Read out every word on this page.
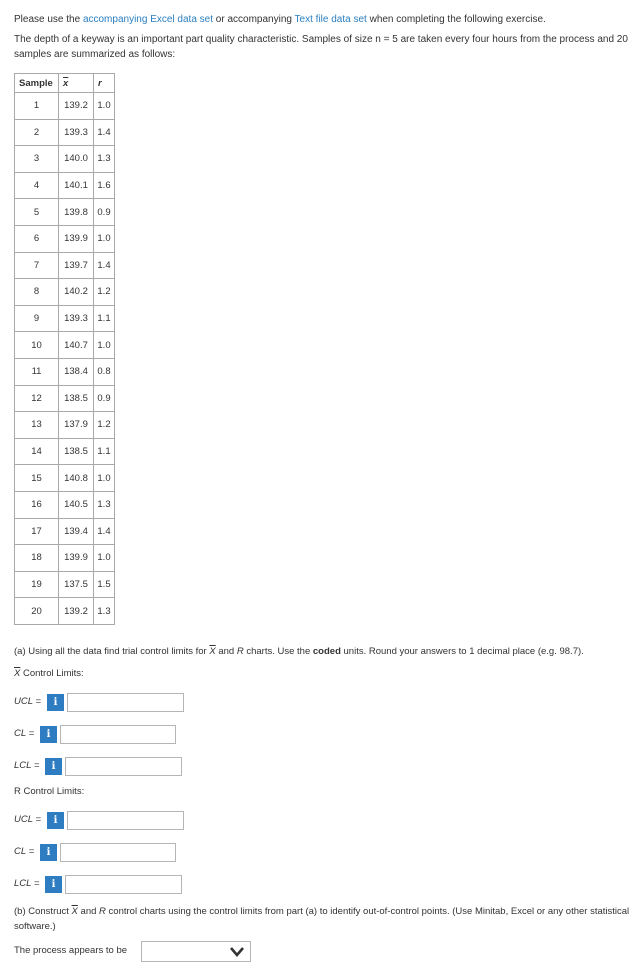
Please use the accompanying Excel data set or accompanying Text file data set when completing the following exercise.

The depth of a keyway is an important part quality characteristic. Samples of size n = 5 are taken every four hours from the process and 20 samples are summarized as follows:

Sample	$\overline{x}$	r
1	139.2	1.0
2	139.3	1.4
3	140.0	1.3
4	140.1	1.6
5	139.8	0.9
6	139.9	1.0
7	139.7	1.4
8	140.2	1.2
9	139.3	1.1
10	140.7	1.0
11	138.4	0.8
12	138.5	0.9
13	137.9	1.2
14	138.5	1.1
15	140.8	1.0
16	140.5	1.3
17	139.4	1.4
18	139.9	1.0
19	137.5	1.5
20	139.2	1.3
(a) Using all the data find trial control limits for $\overline{X}$ and R charts. Use the coded units. Round your answers to 1 decimal place (e.g. 98.7).
$\overline{X}$ Control Limits:
UCL =	i
CL =	i
LCL =	i
R Control Limits:
UCL =	i
CL =	i
LCL =	i
(b) Construct $\overline{X}$ and R control charts using the control limits from part (a) to identify out-of-control points. (Use Minitab, Excel or any other statistical software.)
The process appears to be
